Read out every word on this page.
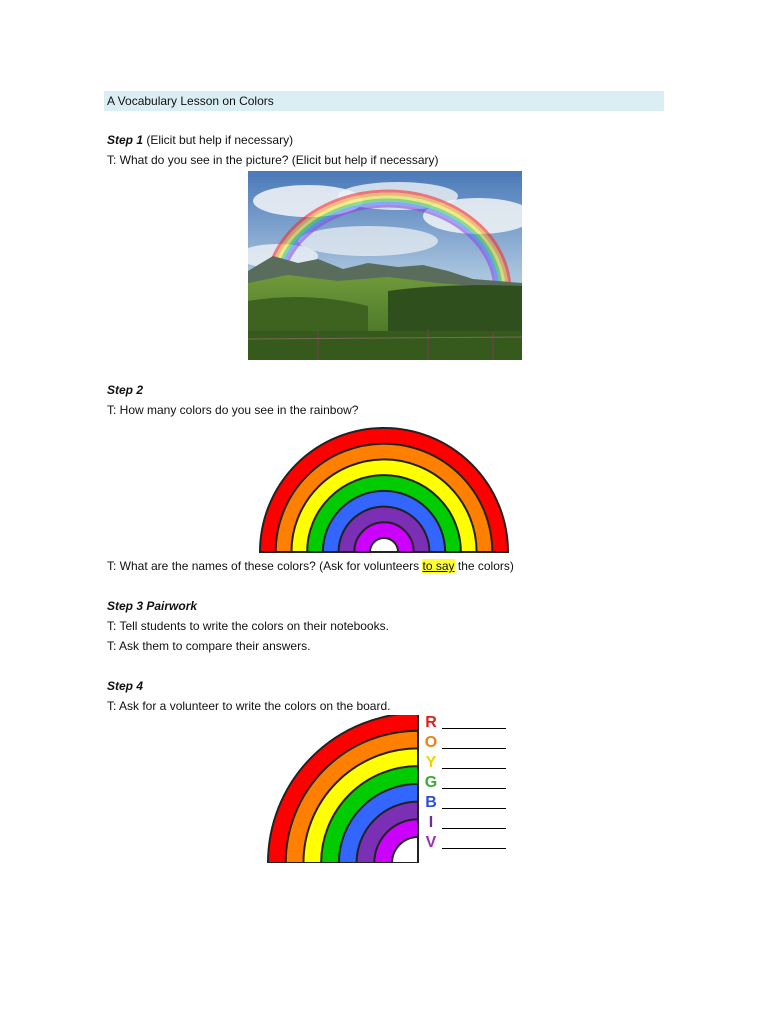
A Vocabulary Lesson on Colors
Step 1 (Elicit but help if necessary)
T: What do you see in the picture? (Elicit but help if necessary)
Step 2
T: How many colors do you see in the rainbow?
T: What are the names of these colors? (Ask for volunteers to say the colors)
Step 3 Pairwork
T: Tell students to write the colors on their notebooks.
T: Ask them to compare their answers.
Step 4
T: Ask for a volunteer to write the colors on the board.
R
O
Y
G
B
I
V
